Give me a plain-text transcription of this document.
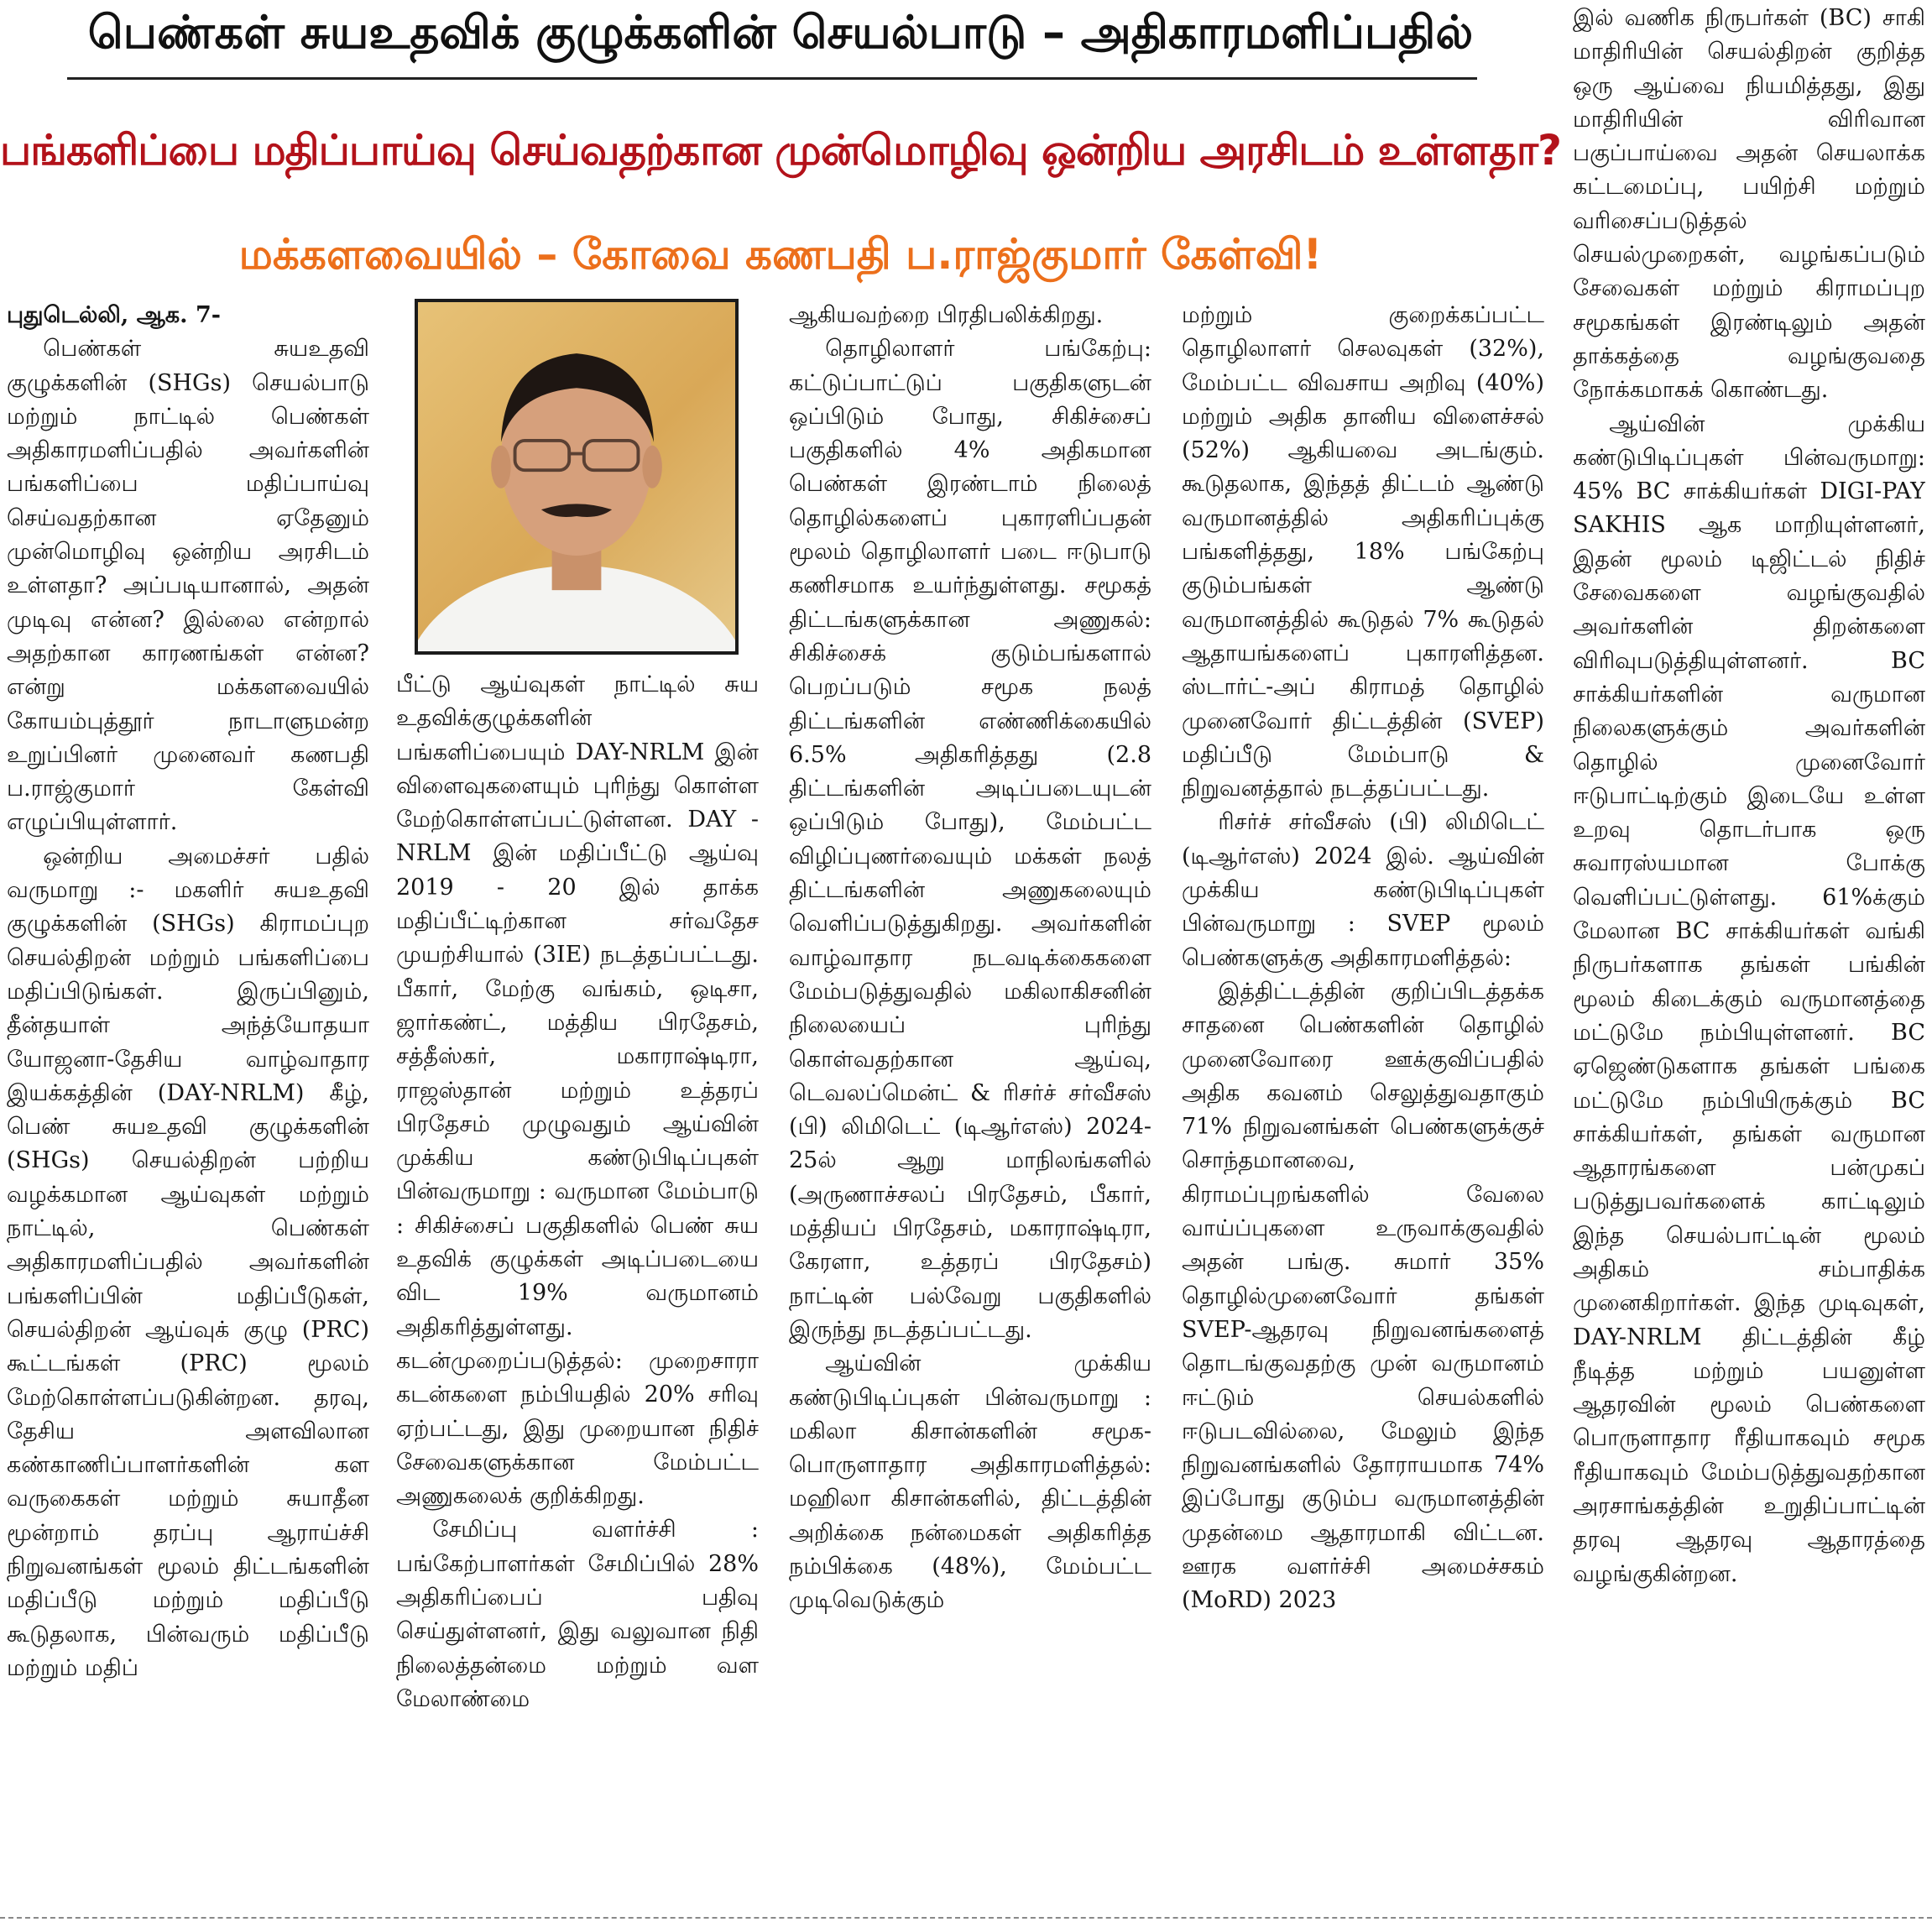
பெண்கள் சுயஉதவிக் குழுக்களின் செயல்பாடு – அதிகாரமளிப்பதில்
பங்களிப்பை மதிப்பாய்வு செய்வதற்கான முன்மொழிவு ஒன்றிய அரசிடம் உள்ளதா?
மக்களவையில் – கோவை கணபதி ப.ராஜ்குமார் கேள்வி!

புதுடெல்லி, ஆக. 7-

பெண்கள் சுயஉதவி குழுக்களின் (SHGs) செயல்பாடு மற்றும் நாட்டில் பெண்கள் அதிகாரமளிப்பதில் அவர்களின் பங்களிப்பை மதிப்பாய்வு செய்வதற்கான ஏதேனும் முன்மொழிவு ஒன்றிய அரசிடம் உள்ளதா? அப்படியானால், அதன் முடிவு என்ன? இல்லை என்றால் அதற்கான காரணங்கள் என்ன? என்று மக்களவையில் கோயம்புத்தூர் நாடாளுமன்ற உறுப்பினர் முனைவர் கணபதி ப.ராஜ்குமார் கேள்வி எழுப்பியுள்ளார்.

ஒன்றிய அமைச்சர் பதில் வருமாறு :- மகளிர் சுயஉதவி குழுக்களின் (SHGs) கிராமப்புற செயல்திறன் மற்றும் பங்களிப்பை மதிப்பிடுங்கள். இருப்பினும், தீன்தயாள் அந்த்யோதயா யோஜனா-தேசிய வாழ்வாதார இயக்கத்தின் (DAY-NRLM) கீழ், பெண் சுயஉதவி குழுக்களின் (SHGs) செயல்திறன் பற்றிய வழக்கமான ஆய்வுகள் மற்றும் நாட்டில், பெண்கள் அதிகாரமளிப்பதில் அவர்களின் பங்களிப்பின் மதிப்பீடுகள், செயல்திறன் ஆய்வுக் குழு (PRC) கூட்டங்கள் (PRC) மூலம் மேற்கொள்ளப்படுகின்றன. தரவு, தேசிய அளவிலான கண்காணிப்பாளர்களின் கள வருகைகள் மற்றும் சுயாதீன மூன்றாம் தரப்பு ஆராய்ச்சி நிறுவனங்கள் மூலம் திட்டங்களின் மதிப்பீடு மற்றும் மதிப்பீடு கூடுதலாக, பின்வரும் மதிப்பீடு மற்றும் மதிப்

பீட்டு ஆய்வுகள் நாட்டில் சுய உதவிக்குழுக்களின் பங்களிப்பையும் DAY-NRLM இன் விளைவுகளையும் புரிந்து கொள்ள மேற்கொள்ளப்பட்டுள்ளன. DAY -NRLM இன் மதிப்பீட்டு ஆய்வு 2019 - 20 இல் தாக்க மதிப்பீட்டிற்கான சர்வதேச முயற்சியால் (3IE) நடத்தப்பட்டது. பீகார், மேற்கு வங்கம், ஒடிசா, ஜார்கண்ட், மத்திய பிரதேசம், சத்தீஸ்கர், மகாராஷ்டிரா, ராஜஸ்தான் மற்றும் உத்தரப் பிரதேசம் முழுவதும் ஆய்வின் முக்கிய கண்டுபிடிப்புகள் பின்வருமாறு : வருமான மேம்பாடு : சிகிச்சைப் பகுதிகளில் பெண் சுய உதவிக் குழுக்கள் அடிப்படையை விட 19% வருமானம் அதிகரித்துள்ளது. கடன்முறைப்படுத்தல்: முறைசாரா கடன்களை நம்பியதில் 20% சரிவு ஏற்பட்டது, இது முறையான நிதிச் சேவைகளுக்கான மேம்பட்ட அணுகலைக் குறிக்கிறது.

சேமிப்பு வளர்ச்சி : பங்கேற்பாளர்கள் சேமிப்பில் 28% அதிகரிப்பைப் பதிவு செய்துள்ளனர், இது வலுவான நிதி நிலைத்தன்மை மற்றும் வள மேலாண்மை

ஆகியவற்றை பிரதிபலிக்கிறது.

தொழிலாளர் பங்கேற்பு: கட்டுப்பாட்டுப் பகுதிகளுடன் ஒப்பிடும் போது, சிகிச்சைப் பகுதிகளில் 4% அதிகமான பெண்கள் இரண்டாம் நிலைத் தொழில்களைப் புகாரளிப்பதன் மூலம் தொழிலாளர் படை ஈடுபாடு கணிசமாக உயர்ந்துள்ளது. சமூகத் திட்டங்களுக்கான அணுகல்: சிகிச்சைக் குடும்பங்களால் பெறப்படும் சமூக நலத் திட்டங்களின் எண்ணிக்கையில் 6.5% அதிகரித்தது (2.8 திட்டங்களின் அடிப்படையுடன் ஒப்பிடும் போது), மேம்பட்ட விழிப்புணர்வையும் மக்கள் நலத் திட்டங்களின் அணுகலையும் வெளிப்படுத்துகிறது. அவர்களின் வாழ்வாதார நடவடிக்கைகளை மேம்படுத்துவதில் மகிலாகிசனின் நிலையைப் புரிந்து கொள்வதற்கான ஆய்வு, டெவலப்மென்ட் & ரிசர்ச் சர்வீசஸ் (பி) லிமிடெட் (டிஆர்எஸ்) 2024-25ல் ஆறு மாநிலங்களில் (அருணாச்சலப் பிரதேசம், பீகார், மத்தியப் பிரதேசம், மகாராஷ்டிரா, கேரளா, உத்தரப் பிரதேசம்) நாட்டின் பல்வேறு பகுதிகளில் இருந்து நடத்தப்பட்டது.

ஆய்வின் முக்கிய கண்டுபிடிப்புகள் பின்வருமாறு : மகிலா கிசான்களின் சமூக-பொருளாதார அதிகாரமளித்தல்: மஹிலா கிசான்களில், திட்டத்தின் அறிக்கை நன்மைகள் அதிகரித்த நம்பிக்கை (48%), மேம்பட்ட முடிவெடுக்கும்

மற்றும் குறைக்கப்பட்ட தொழிலாளர் செலவுகள் (32%), மேம்பட்ட விவசாய அறிவு (40%) மற்றும் அதிக தானிய விளைச்சல் (52%) ஆகியவை அடங்கும். கூடுதலாக, இந்தத் திட்டம் ஆண்டு வருமானத்தில் அதிகரிப்புக்கு பங்களித்தது, 18% பங்கேற்பு குடும்பங்கள் ஆண்டு வருமானத்தில் கூடுதல் 7% கூடுதல் ஆதாயங்களைப் புகாரளித்தன. ஸ்டார்ட்-அப் கிராமத் தொழில் முனைவோர் திட்டத்தின் (SVEP) மதிப்பீடு மேம்பாடு & நிறுவனத்தால் நடத்தப்பட்டது.

ரிசர்ச் சர்வீசஸ் (பி) லிமிடெட் (டிஆர்எஸ்) 2024 இல். ஆய்வின் முக்கிய கண்டுபிடிப்புகள் பின்வருமாறு : SVEP மூலம் பெண்களுக்கு அதிகாரமளித்தல்:

இத்திட்டத்தின் குறிப்பிடத்தக்க சாதனை பெண்களின் தொழில் முனைவோரை ஊக்குவிப்பதில் அதிக கவனம் செலுத்துவதாகும் 71% நிறுவனங்கள் பெண்களுக்குச் சொந்தமானவை, கிராமப்புறங்களில் வேலை வாய்ப்புகளை உருவாக்குவதில் அதன் பங்கு. சுமார் 35% தொழில்முனைவோர் தங்கள் SVEP-ஆதரவு நிறுவனங்களைத் தொடங்குவதற்கு முன் வருமானம் ஈட்டும் செயல்களில் ஈடுபடவில்லை, மேலும் இந்த நிறுவனங்களில் தோராயமாக 74% இப்போது குடும்ப வருமானத்தின் முதன்மை ஆதாரமாகி விட்டன. ஊரக வளர்ச்சி அமைச்சகம் (MoRD) 2023

இல் வணிக நிருபர்கள் (BC) சாகி மாதிரியின் செயல்திறன் குறித்த ஒரு ஆய்வை நியமித்தது, இது மாதிரியின் விரிவான பகுப்பாய்வை அதன் செயலாக்க கட்டமைப்பு, பயிற்சி மற்றும் வரிசைப்படுத்தல் செயல்முறைகள், வழங்கப்படும் சேவைகள் மற்றும் கிராமப்புற சமூகங்கள் இரண்டிலும் அதன் தாக்கத்தை வழங்குவதை நோக்கமாகக் கொண்டது.

ஆய்வின் முக்கிய கண்டுபிடிப்புகள் பின்வருமாறு: 45% BC சாக்கியர்கள் DIGI-PAY SAKHIS ஆக மாறியுள்ளனர், இதன் மூலம் டிஜிட்டல் நிதிச் சேவைகளை வழங்குவதில் அவர்களின் திறன்களை விரிவுபடுத்தியுள்ளனர். BC சாக்கியர்களின் வருமான நிலைகளுக்கும் அவர்களின் தொழில் முனைவோர் ஈடுபாட்டிற்கும் இடையே உள்ள உறவு தொடர்பாக ஒரு சுவாரஸ்யமான போக்கு வெளிப்பட்டுள்ளது. 61%க்கும் மேலான BC சாக்கியர்கள் வங்கி நிருபர்களாக தங்கள் பங்கின் மூலம் கிடைக்கும் வருமானத்தை மட்டுமே நம்பியுள்ளனர். BC ஏஜெண்டுகளாக தங்கள் பங்கை மட்டுமே நம்பியிருக்கும் BC சாக்கியர்கள், தங்கள் வருமான ஆதாரங்களை பன்முகப் படுத்துபவர்களைக் காட்டிலும் இந்த செயல்பாட்டின் மூலம் அதிகம் சம்பாதிக்க முனைகிறார்கள். இந்த முடிவுகள், DAY-NRLM திட்டத்தின் கீழ் நீடித்த மற்றும் பயனுள்ள ஆதரவின் மூலம் பெண்களை பொருளாதார ரீதியாகவும் சமூக ரீதியாகவும் மேம்படுத்துவதற்கான அரசாங்கத்தின் உறுதிப்பாட்டின் தரவு ஆதரவு ஆதாரத்தை வழங்குகின்றன.
